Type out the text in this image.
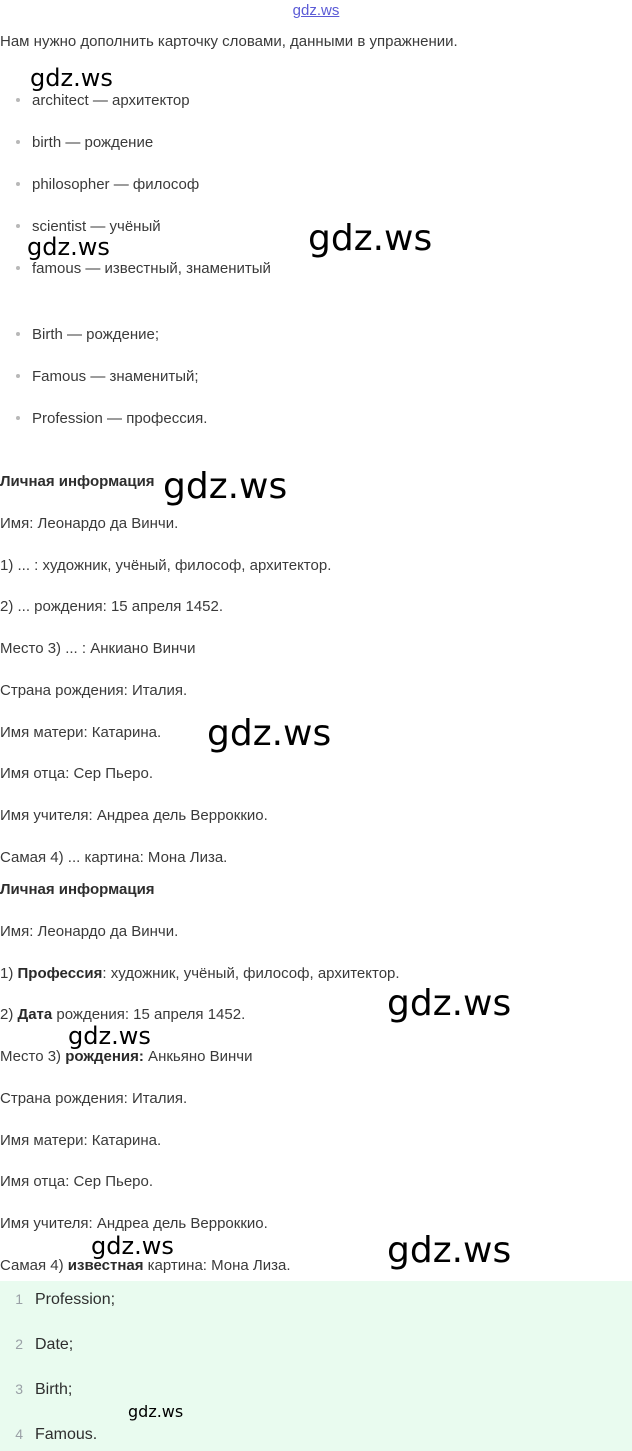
gdz.ws
Нам нужно дополнить карточку словами, данными в упражнении.
architect — архитектор
birth — рождение
philosopher — философ
scientist — учёный
famous — известный, знаменитый
Birth — рождение;
Famous — знаменитый;
Profession — профессия.
Личная информация
Имя: Леонардо да Винчи.
1) ... : художник, учёный, философ, архитектор.
2) ... рождения: 15 апреля 1452.
Место 3) ... : Анкиано Винчи
Страна рождения: Италия.
Имя матери: Катарина.
Имя отца: Сер Пьеро.
Имя учителя: Андреа дель Верроккио.
Самая 4) ... картина: Мона Лиза.
Личная информация
Имя: Леонардо да Винчи.
1) Профессия: художник, учёный, философ, архитектор.
2) Дата рождения: 15 апреля 1452.
Место 3) рождения: Анкьяно Винчи
Страна рождения: Италия.
Имя матери: Катарина.
Имя отца: Сер Пьеро.
Имя учителя: Андреа дель Верроккио.
Самая 4) известная картина: Мона Лиза.
1 Profession;
2 Date;
3 Birth;
4 Famous.
gdz.ws
gdz.ws	gdz.ws
gdz.ws
gdz.ws
gdz.ws
gdz.ws
gdz.ws	gdz.ws
gdz.ws
